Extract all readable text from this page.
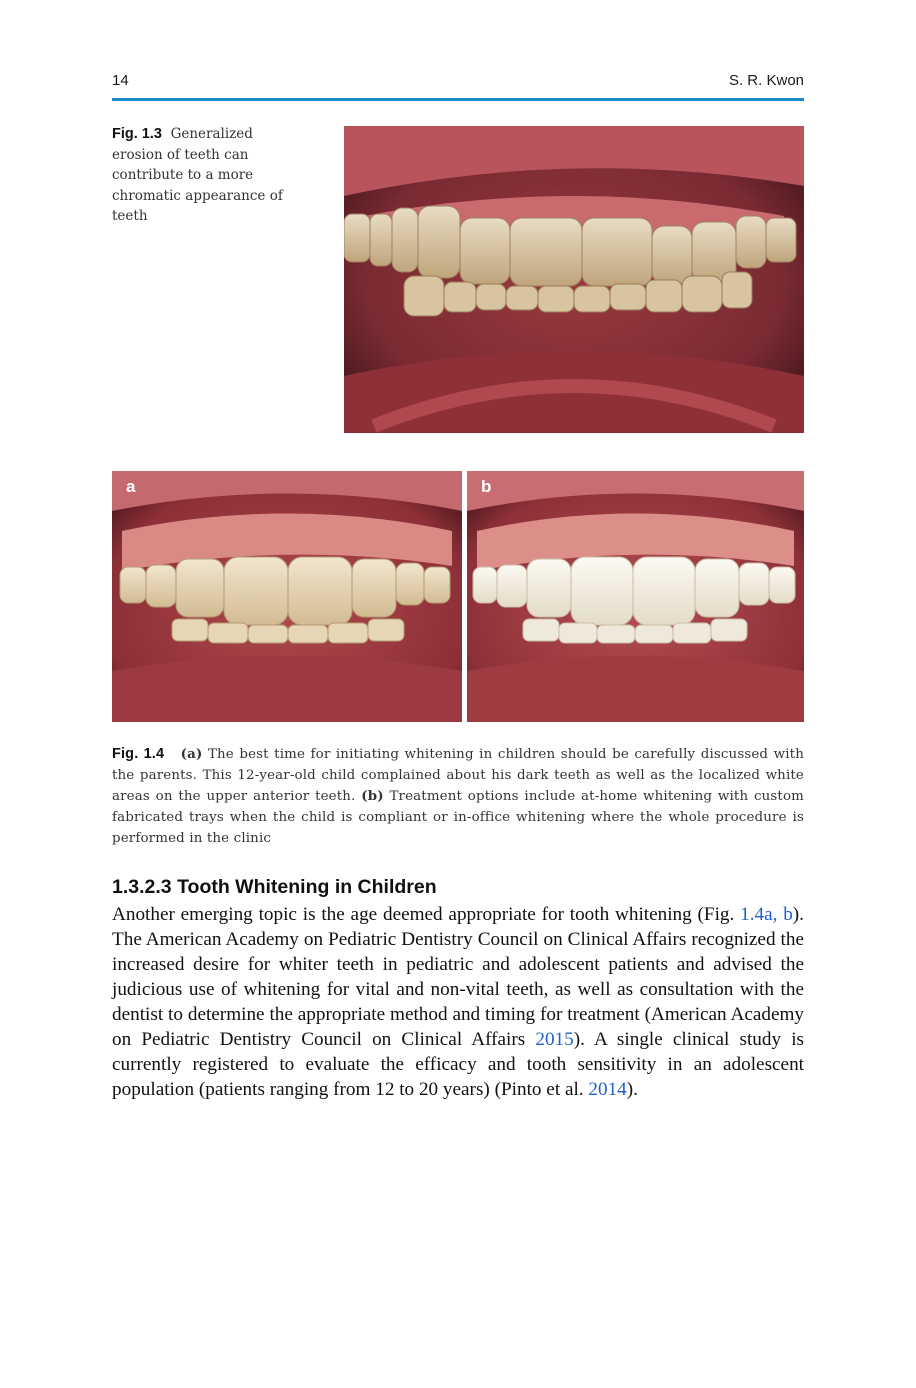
14	S. R. Kwon
Fig. 1.3 Generalized erosion of teeth can contribute to a more chromatic appearance of teeth
a	b
Fig. 1.4 (a) The best time for initiating whitening in children should be carefully discussed with the parents. This 12-year-old child complained about his dark teeth as well as the localized white areas on the upper anterior teeth. (b) Treatment options include at-home whitening with custom fabricated trays when the child is compliant or in-office whitening where the whole procedure is performed in the clinic
1.3.2.3 Tooth Whitening in Children
Another emerging topic is the age deemed appropriate for tooth whitening (Fig. 1.4a, b). The American Academy on Pediatric Dentistry Council on Clinical Affairs recognized the increased desire for whiter teeth in pediatric and adolescent patients and advised the judicious use of whitening for vital and non-vital teeth, as well as consultation with the dentist to determine the appropriate method and timing for treatment (American Academy on Pediatric Dentistry Council on Clinical Affairs 2015). A single clinical study is currently registered to evaluate the efficacy and tooth sensitivity in an adolescent population (patients ranging from 12 to 20 years) (Pinto et al. 2014).
